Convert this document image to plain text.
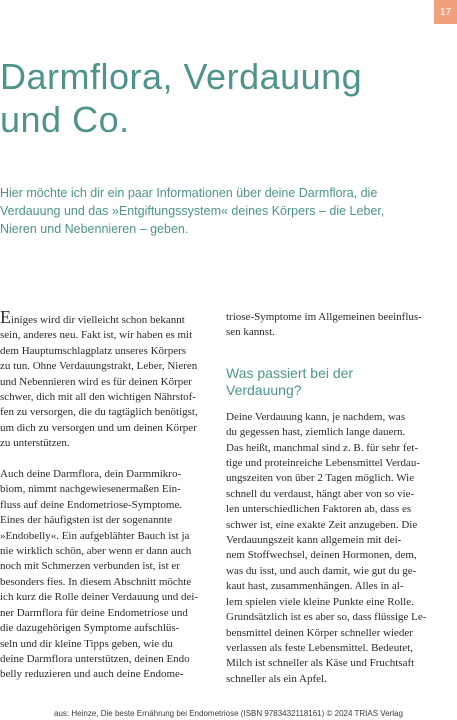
17
Darmflora, Verdauung
und Co.
Hier möchte ich dir ein paar Informationen über deine Darmflora, die
Verdauung und das »Entgiftungssystem« deines Körpers – die Leber,
Nieren und Nebennieren – geben.

Einiges wird dir vielleicht schon bekannt
sein, anderes neu. Fakt ist, wir haben es mit
dem Hauptumschlagplatz unseres Körpers
zu tun. Ohne Verdauungstrakt, Leber, Nieren
und Nebennieren wird es für deinen Körper
schwer, dich mit all den wichtigen Nährstof-
fen zu versorgen, die du tagtäglich benötigst,
um dich zu versorgen und um deinen Körper
zu unterstützen.

Auch deine Darmflora, dein Darmmikro-
biom, nimmt nachgewiesenermaßen Ein-
fluss auf deine Endometriose-Symptome.
Eines der häufigsten ist der sogenannte
»Endobelly«. Ein aufgeblähter Bauch ist ja
nie wirklich schön, aber wenn er dann auch
noch mit Schmerzen verbunden ist, ist er
besonders fies. In diesem Abschnitt möchte
ich kurz die Rolle deiner Verdauung und dei-
ner Darmflora für deine Endometriose und
die dazugehörigen Symptome aufschlüs-
seln und dir kleine Tipps geben, wie du
deine Darmflora unterstützen, deinen Endo
belly reduzieren und auch deine Endome-

triose-Symptome im Allgemeinen beeinflus-
sen kannst.

Was passiert bei der
Verdauung?

Deine Verdauung kann, je nachdem, was
du gegessen hast, ziemlich lange dauern.
Das heißt, manchmal sind z. B. für sehr fet-
tige und proteinreiche Lebensmittel Verdau-
ungszeiten von über 2 Tagen möglich. Wie
schnell du verdaust, hängt aber von so vie-
len unterschiedlichen Faktoren ab, dass es
schwer ist, eine exakte Zeit anzugeben. Die
Verdauungszeit kann allgemein mit dei-
nem Stoffwechsel, deinen Hormonen, dem,
was du isst, und auch damit, wie gut du ge-
kaut hast, zusammenhängen. Alles in al-
lem spielen viele kleine Punkte eine Rolle.
Grundsätzlich ist es aber so, dass flüssige Le-
bensmittel deinen Körper schneller wieder
verlassen als feste Lebensmittel. Bedeutet,
Milch ist schneller als Käse und Fruchtsaft
schneller als ein Apfel.

aus: Heinze, Die beste Ernährung bei Endometriose (ISBN 9783432118161) © 2024 TRIAS Verlag
